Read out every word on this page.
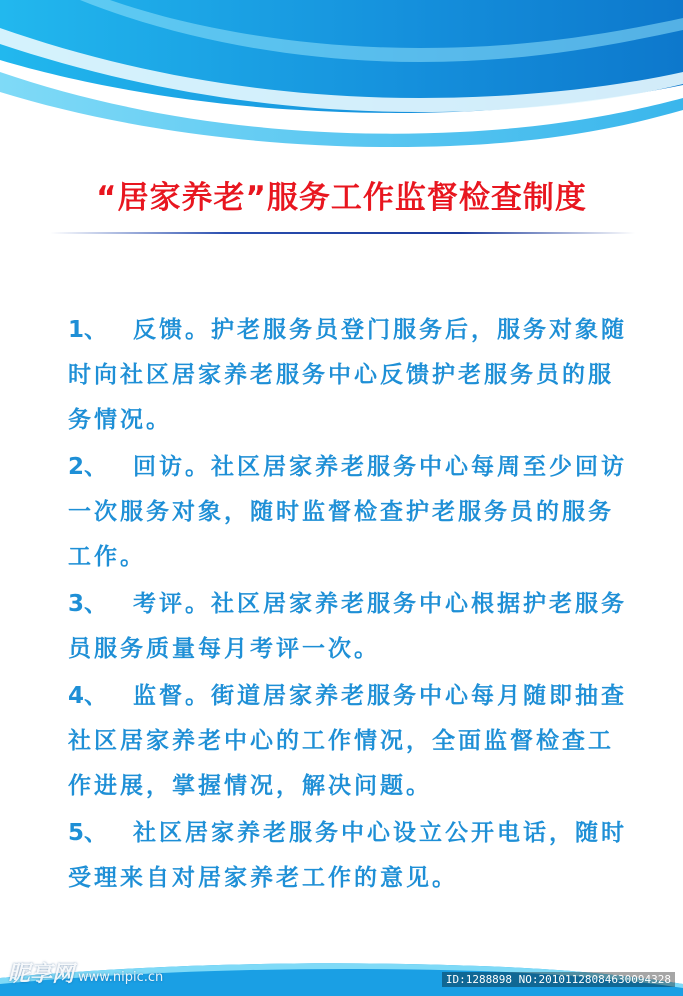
“居家养老”服务工作监督检查制度
1、 反馈。护老服务员登门服务后，服务对象随时向社区居家养老服务中心反馈护老服务员的服务情况。
2、 回访。社区居家养老服务中心每周至少回访一次服务对象，随时监督检查护老服务员的服务工作。
3、 考评。社区居家养老服务中心根据护老服务员服务质量每月考评一次。
4、 监督。街道居家养老服务中心每月随即抽查社区居家养老中心的工作情况，全面监督检查工作进展，掌握情况，解决问题。
5、 社区居家养老服务中心设立公开电话，随时受理来自对居家养老工作的意见。
昵享网 www.nipic.cn	ID:1288898 NO:20101128084630094328
